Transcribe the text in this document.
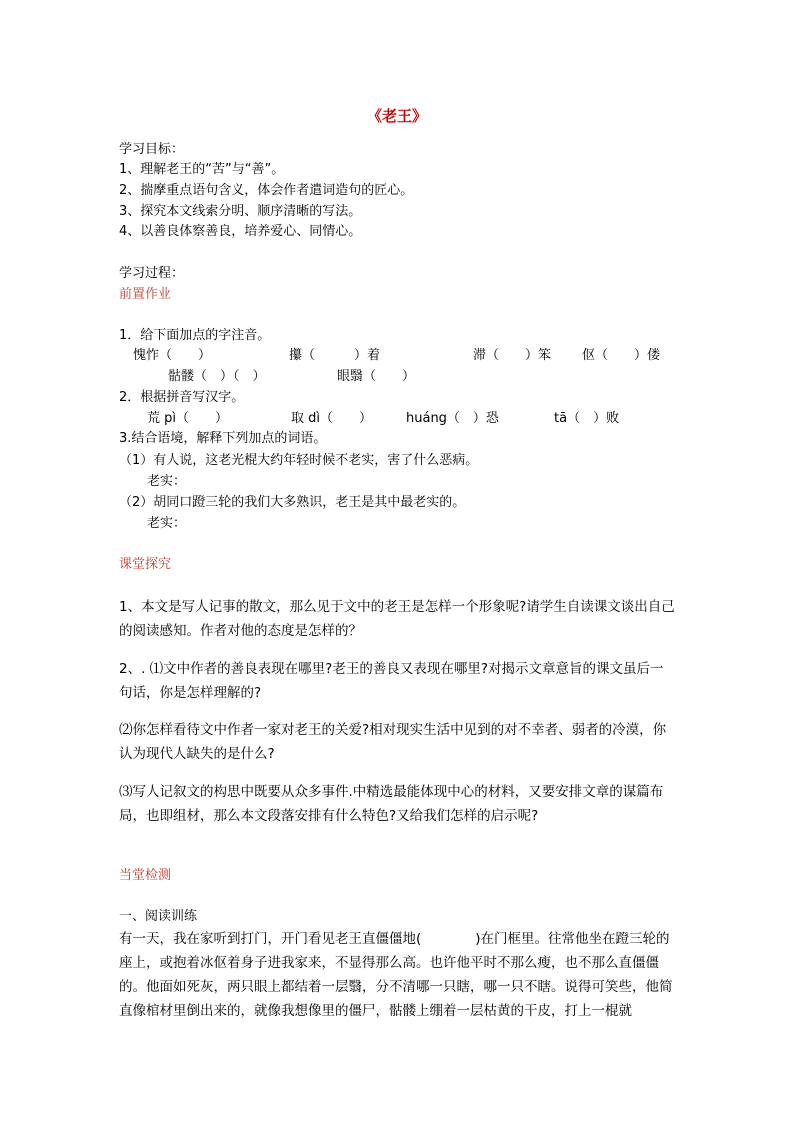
《老王》
学习目标：
1、理解老王的“苦”与“善”。
2、揣摩重点语句含义，体会作者遣词造句的匠心。
3、探究本文线索分明、顺序清晰的写法。
4、以善良体察善良，培养爱心、同情心。
学习过程：
前置作业
1．给下面加点的字注音。
愧怍（　　）	攥（　　　）着	滞（　　）笨 伛（　　）偻
骷髅（　）（　）	眼翳（　　）
2．根据拼音写汉字。
荒 pì（　　）	取 dì（　　）	huáng（　）恐	tā（　）败
3.结合语境，解释下列加点的词语。
（1）有人说，这老光棍大约年轻时候不老实，害了什么恶病。
老实：
（2）胡同口蹬三轮的我们大多熟识，老王是其中最老实的。
老实：
课堂探究
1、本文是写人记事的散文，那么见于文中的老王是怎样一个形象呢?请学生自读课文谈出自己的阅读感知。作者对他的态度是怎样的？
2、. ⑴文中作者的善良表现在哪里?老王的善良又表现在哪里?对揭示文章意旨的课文虽后一句话，你是怎样理解的?
⑵你怎样看待文中作者一家对老王的关爱?相对现实生活中见到的对不幸者、弱者的冷漠，你认为现代人缺失的是什么?
⑶写人记叙文的构思中既要从众多事件.中精选最能体现中心的材料，又要安排文章的谋篇布局，也即组材，那么本文段落安排有什么特色?又给我们怎样的启示呢?
当堂检测
一、阅读训练
有一天，我在家听到打门，开门看见老王直僵僵地(　　　　)在门框里。往常他坐在蹬三轮的座上，或抱着冰伛着身子进我家来，不显得那么高。也许他平时不那么瘦，也不那么直僵僵的。他面如死灰，两只眼上都结着一层翳，分不清哪一只瞎，哪一只不瞎。说得可笑些，他简直像棺材里倒出来的，就像我想像里的僵尸，骷髅上绷着一层枯黄的干皮，打上一棍就
